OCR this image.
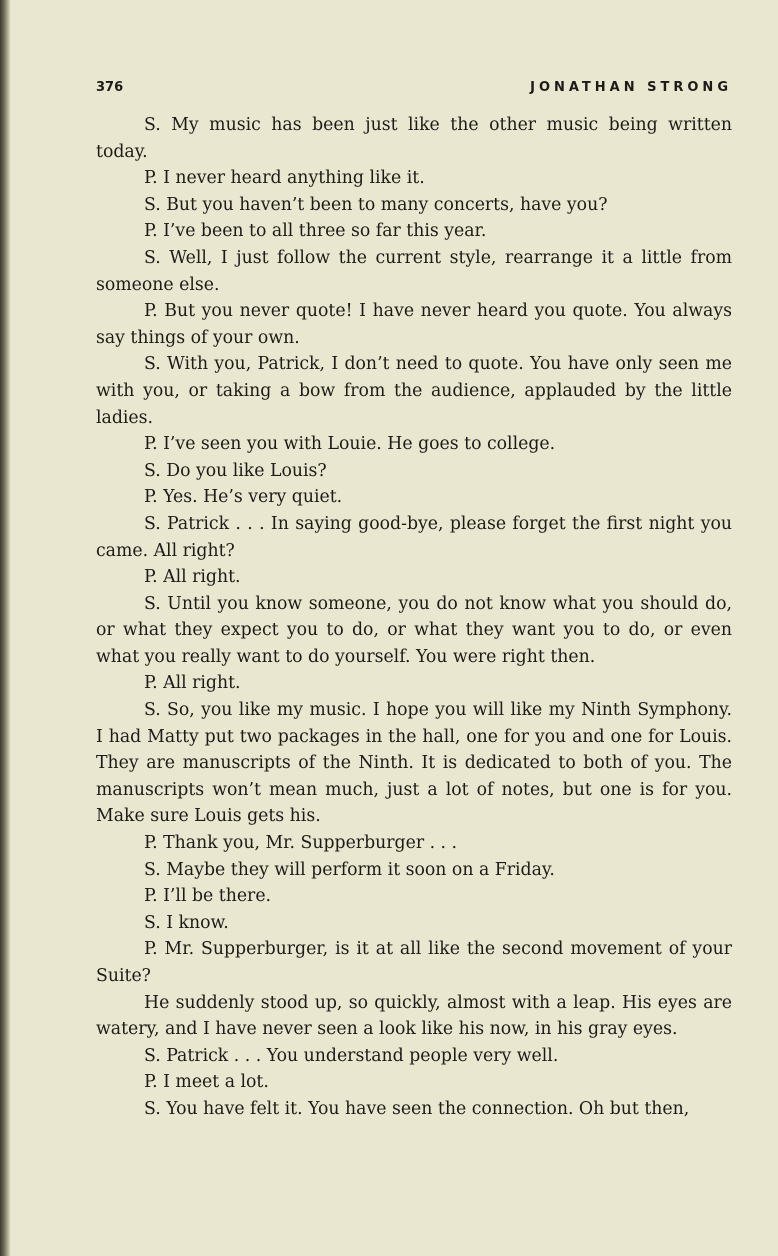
376	JONATHAN STRONG

S. My music has been just like the other music being written today.

P. I never heard anything like it.

S. But you haven’t been to many concerts, have you?

P. I’ve been to all three so far this year.

S. Well, I just follow the current style, rearrange it a little from someone else.

P. But you never quote! I have never heard you quote. You always say things of your own.

S. With you, Patrick, I don’t need to quote. You have only seen me with you, or taking a bow from the audience, applauded by the little ladies.

P. I’ve seen you with Louie. He goes to college.

S. Do you like Louis?

P. Yes. He’s very quiet.

S. Patrick . . . In saying good-bye, please forget the first night you came. All right?

P. All right.

S. Until you know someone, you do not know what you should do, or what they expect you to do, or what they want you to do, or even what you really want to do yourself. You were right then.

P. All right.

S. So, you like my music. I hope you will like my Ninth Symphony. I had Matty put two packages in the hall, one for you and one for Louis. They are manuscripts of the Ninth. It is dedicated to both of you. The manuscripts won’t mean much, just a lot of notes, but one is for you. Make sure Louis gets his.

P. Thank you, Mr. Supperburger . . .

S. Maybe they will perform it soon on a Friday.

P. I’ll be there.

S. I know.

P. Mr. Supperburger, is it at all like the second movement of your Suite?

He suddenly stood up, so quickly, almost with a leap. His eyes are watery, and I have never seen a look like his now, in his gray eyes.

S. Patrick . . . You understand people very well.

P. I meet a lot.

S. You have felt it. You have seen the connection. Oh but then,
